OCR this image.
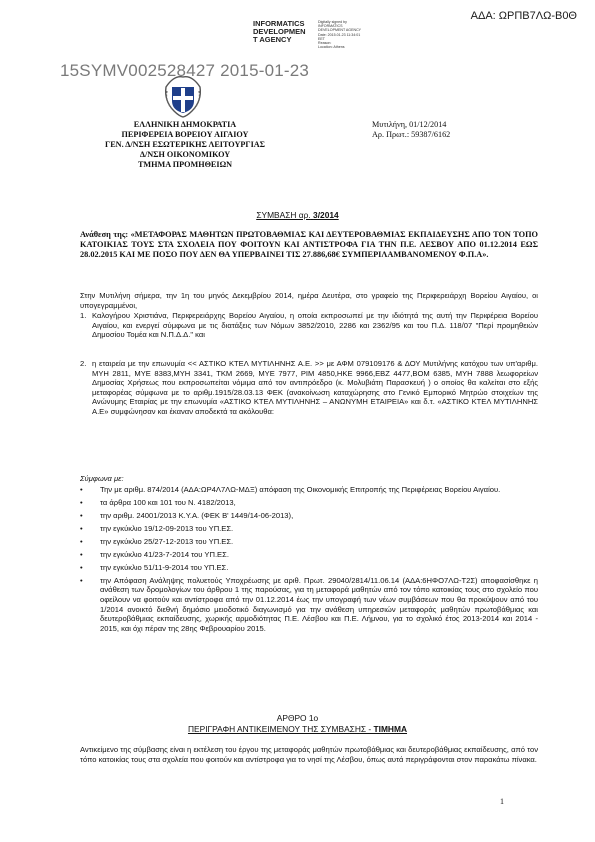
ΑΔΑ: ΩΡΠΒ7ΛΩ-Β0Θ
INFORMATICS
DEVELOPMEN
T AGENCY
Digitally signed by
INFORMATICS
DEVELOPMENT AGENCY
Date: 2015.01.23 11:34:01
EET
Reason:
Location: Athens
15SYMV002528427 2015-01-23
ΕΛΛΗΝΙΚΗ ΔΗΜΟΚΡΑΤΙΑ
ΠΕΡΙΦΕΡΕΙΑ ΒΟΡΕΙΟΥ ΑΙΓΑΙΟΥ
ΓΕΝ. Δ/ΝΣΗ ΕΣΩΤΕΡΙΚΗΣ ΛΕΙΤΟΥΡΓΙΑΣ
Δ/ΝΣΗ ΟΙΚΟΝΟΜΙΚΟΥ
ΤΜΗΜΑ ΠΡΟΜΗΘΕΙΩΝ
Μυτιλήνη, 01/12/2014
Αρ. Πρωτ.: 59387/6162
ΣΥΜΒΑΣΗ αρ. 3/2014
Ανάθεση της: «ΜΕΤΑΦΟΡΑΣ ΜΑΘΗΤΩΝ ΠΡΩΤΟΒΑΘΜΙΑΣ ΚΑΙ ΔΕΥΤΕΡΟΒΑΘΜΙΑΣ ΕΚΠΑΙΔΕΥΣΗΣ ΑΠΟ ΤΟΝ ΤΟΠΟ ΚΑΤΟΙΚΙΑΣ ΤΟΥΣ ΣΤΑ ΣΧΟΛΕΙΑ ΠΟΥ ΦΟΙΤΟΥΝ ΚΑΙ ΑΝΤΙΣΤΡΟΦΑ ΓΙΑ ΤΗΝ Π.Ε. ΛΕΣΒΟΥ ΑΠΟ 01.12.2014 ΕΩΣ 28.02.2015 ΚΑΙ ΜΕ ΠΟΣΟ ΠΟΥ ΔΕΝ ΘΑ ΥΠΕΡΒΑΙΝΕΙ ΤΙΣ 27.886,68€ ΣΥΜΠΕΡΙΛΑΜΒΑΝΟΜΕΝΟΥ Φ.Π.Α».
Στην Μυτιλήνη σήμερα, την 1η του μηνός Δεκεμβρίου 2014, ημέρα Δευτέρα, στο γραφείο της Περιφερειάρχη Βορείου Αιγαίου, οι υπογεγραμμένοι,
1. Καλογήρου Χριστιάνα, Περιφερειάρχης Βορείου Αιγαίου, η οποία εκπροσωπεί με την ιδιότητά της αυτή την Περιφέρεια Βορείου Αιγαίου, και ενεργεί σύμφωνα με τις διατάξεις των Νόμων 3852/2010, 2286 και 2362/95 και του Π.Δ. 118/07 "Περί προμηθειών Δημοσίου Τομέα και Ν.Π.Δ.Δ." και
2. η εταιρεία με την επωνυμία << ΑΣΤΙΚΟ ΚΤΕΛ ΜΥΤΙΛΗΝΗΣ Α.Ε. >> με ΑΦΜ 079109176 & ΔΟΥ Μυτιλήνης κατόχου των υπ'αριθμ. ΜΥΗ 2811, ΜΥΕ 8383,ΜΥΗ 3341, ΤΚΜ 2669, ΜΥΕ 7977, ΡΙΜ 4850,ΗΚΕ 9966,ΕΒΖ 4477,ΒΟΜ 6385, ΜΥΗ 7888 λεωφορείων Δημοσίας Χρήσεως που εκπροσωπείται νόμιμα από τον αντιπρόεδρο (κ. Μολυβιάτη Παρασκευή ) ο οποίος θα καλείται στο εξής μεταφορέας σύμφωνα με το αριθμ.1915/28.03.13 ΦΕΚ (ανακοίνωση καταχώρησης στο Γενικό Εμπορικό Μητρώο στοιχείων της Ανώνυμης Εταιρίας με την επωνυμία «ΑΣΤΙΚΟ ΚΤΕΛ ΜΥΤΙΛΗΝΗΣ – ΑΝΩΝΥΜΗ ΕΤΑΙΡΕΙΑ» και δ.τ. «ΑΣΤΙΚΟ ΚΤΕΛ ΜΥΤΙΛΗΝΗΣ Α.Ε» συμφώνησαν και έκαναν αποδεκτά τα ακόλουθα:
Σύμφωνα με:
• Την με αριθμ. 874/2014 (ΑΔΑ:ΩΡ4Λ7ΛΩ-ΜΔΞ) απόφαση της Οικονομικής Επιτροπής της Περιφέρειας Βορείου Αιγαίου.
• τα άρθρα 100 και 101 του Ν. 4182/2013,
• την αριθμ. 24001/2013 Κ.Υ.Α. (ΦΕΚ Β' 1449/14-06-2013),
• την εγκύκλιο 19/12-09-2013 του ΥΠ.ΕΣ.
• την εγκύκλιο 25/27-12-2013 του ΥΠ.ΕΣ.
• την εγκύκλιο 41/23-7-2014 του ΥΠ.ΕΣ.
• την εγκύκλιο 51/11-9-2014 του ΥΠ.ΕΣ.
• την Απόφαση Ανάληψης πολυετούς Υποχρέωσης με αριθ. Πρωτ. 29040/2814/11.06.14 (ΑΔΑ:6ΗΦΟ7ΛΩ-Τ2Σ) αποφασίσθηκε η ανάθεση των δρομολογίων του άρθρου 1 της παρούσας, για τη μεταφορά μαθητών από τον τόπο κατοικίας τους στο σχολείο που οφείλουν να φοιτούν και αντίστροφα από την 01.12.2014 έως την υπογραφή των νέων συμβάσεων που θα προκύψουν από του 1/2014 ανοικτό διεθνή δημόσιο μειοδοτικό διαγωνισμό για την ανάθεση υπηρεσιών μεταφοράς μαθητών πρωτοβάθμιας και δευτεροβάθμιας εκπαίδευσης, χωρικής αρμοδιότητας Π.Ε. Λέσβου και Π.Ε. Λήμνου, για το σχολικό έτος 2013-2014 και 2014 - 2015, και όχι πέραν της 28ης Φεβρουαρίου 2015.
ΑΡΘΡΟ 1ο
ΠΕΡΙΓΡΑΦΗ ΑΝΤΙΚΕΙΜΕΝΟΥ ΤΗΣ ΣΥΜΒΑΣΗΣ - ΤΙΜΗΜΑ
Αντικείμενο της σύμβασης είναι η εκτέλεση του έργου της μεταφοράς μαθητών πρωτοβάθμιας και δευτεροβάθμιας εκπαίδευσης, από τον τόπο κατοικίας τους στα σχολεία που φοιτούν και αντίστροφα για το νησί της Λέσβου, όπως αυτά περιγράφονται στον παρακάτω πίνακα.
1
